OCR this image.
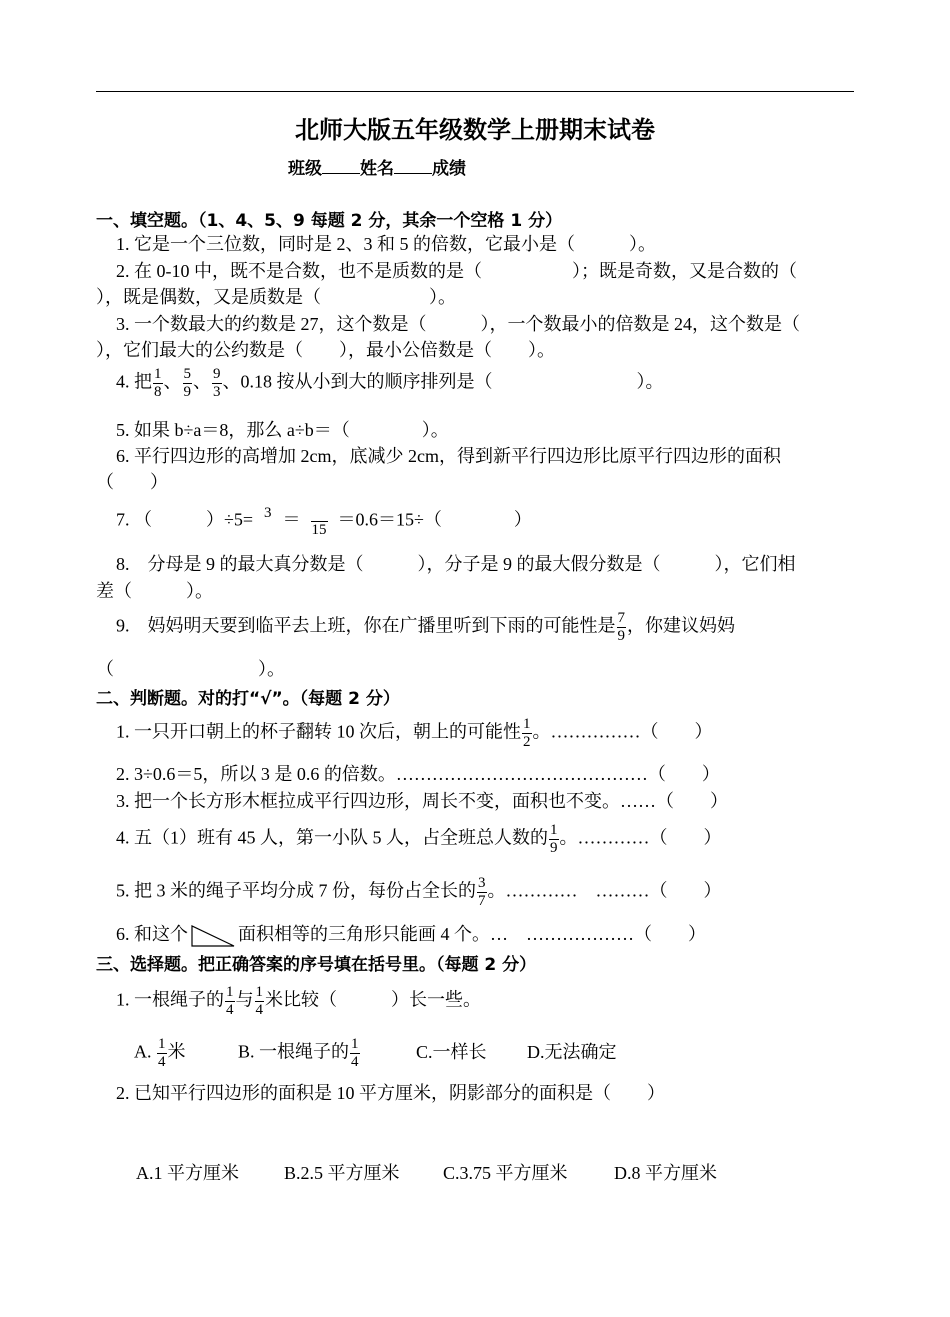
北师大版五年级数学上册期末试卷
班级 姓名 成绩
一、填空题。（1、4、5、9 每题 2 分，其余一个空格 1 分）
1. 它是一个三位数，同时是 2、3 和 5 的倍数，它最小是（　　　）。
2. 在 0-10 中，既不是合数，也不是质数的是（　　　　　）；既是奇数，又是合数的（
），既是偶数，又是质数是（　　　　　　）。
3. 一个数最大的约数是 27，这个数是（　　　），一个数最小的倍数是 24，这个数是（
），它们最大的公约数是（　　），最小公倍数是（　　）。
4. 把 $\frac{1}{8}$ 、 $\frac{5}{9}$ 、 $\frac{9}{3}$ 、0.18 按从小到大的顺序排列是（　　　　　　　　）。
5. 如果 b÷a＝8，那么 a÷b＝（　　　　）。
6. 平行四边形的高增加 2cm，底减少 2cm，得到新平行四边形比原平行四边形的面积
（　　）
7. （　　　）÷5= 3
＝

15
＝0.6＝15÷（　　　　）
8.　分母是 9 的最大真分数是（　　　），分子是 9 的最大假分数是（　　　），它们相
差（　　　）。
9.　妈妈明天要到临平去上班，你在广播里听到下雨的可能性是 $\frac{7}{9}$ ，你建议妈妈
（　　　　　　　　）。
二、判断题。对的打“√”。（每题 2 分）
1. 一只开口朝上的杯子翻转 10 次后，朝上的可能性 $\frac{1}{2}$ 。……………（　　）
2. 3÷0.6＝5，所以 3 是 0.6 的倍数。……………………………………（　　）
3. 把一个长方形木框拉成平行四边形，周长不变，面积也不变。……（　　）
4. 五（1）班有 45 人，第一小队 5 人，占全班总人数的 $\frac{1}{9}$ 。…………（　　）
5. 把 3 米的绳子平均分成 7 份，每份占全长的 $\frac{3}{7}$ 。…………　………（　　）
6. 和这个	面积相等的三角形只能画 4 个。…　………………（　　）
三、选择题。把正确答案的序号填在括号里。（每题 2 分）
1. 一根绳子的 $\frac{1}{4}$ 与 $\frac{1}{4}$ 米比较（　　　）长一些。
A. $\frac{1}{4}$ 米	B. 一根绳子的 $\frac{1}{4}$	C.一样长 D.无法确定
2. 已知平行四边形的面积是 10 平方厘米，阴影部分的面积是（　　）
A.1 平方厘米	B.2.5 平方厘米 C.3.75 平方厘米	D.8 平方厘米
